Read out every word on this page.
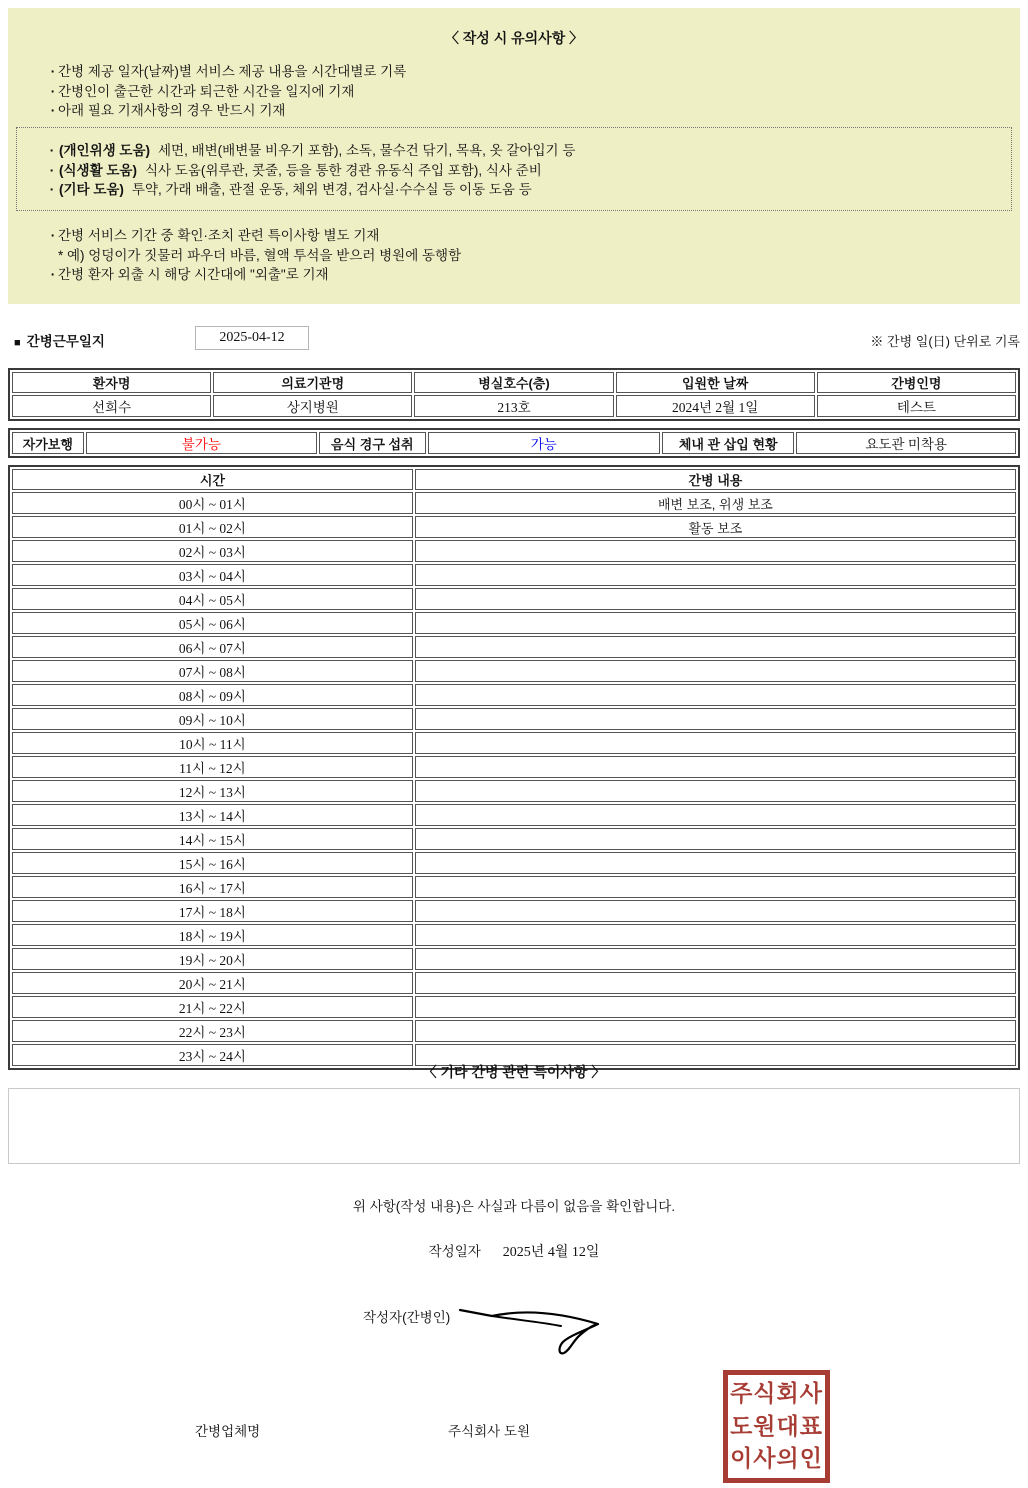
〈 작성 시 유의사항 〉
· 간병 제공 일자(날짜)별 서비스 제공 내용을 시간대별로 기록
· 간병인이 출근한 시간과 퇴근한 시간을 일지에 기재
· 아래 필요 기재사항의 경우 반드시 기재
· (개인위생 도움) 세면, 배변(배변물 비우기 포함), 소독, 물수건 닦기, 목욕, 옷 갈아입기 등
· (식생활 도움) 식사 도움(위루관, 콧줄, 등을 통한 경관 유동식 주입 포함), 식사 준비
· (기타 도움) 투약, 가래 배출, 관절 운동, 체위 변경, 검사실·수수실 등 이동 도움 등
· 간병 서비스 기간 중 확인·조치 관련 특이사항 별도 기재
* 예) 엉덩이가 짓물러 파우더 바름, 혈액 투석을 받으러 병원에 동행함
· 간병 환자 외출 시 해당 시간대에 "외출"로 기재
■ 간병근무일지	2025-04-12	※ 간병 일(日) 단위로 기록
환자명	의료기관명	병실호수(층)	입원한 날짜	간병인명
선희수	상지병원	213호	2024년 2월 1일	테스트
자가보행	불가능	음식 경구 섭취	가능	체내 관 삽입 현황	요도관 미착용
시간	간병 내용
00시 ~ 01시	배변 보조, 위생 보조
01시 ~ 02시	활동 보조
02시 ~ 03시	
03시 ~ 04시	
04시 ~ 05시	
05시 ~ 06시	
06시 ~ 07시	
07시 ~ 08시	
08시 ~ 09시	
09시 ~ 10시	
10시 ~ 11시	
11시 ~ 12시	
12시 ~ 13시	
13시 ~ 14시	
14시 ~ 15시	
15시 ~ 16시	
16시 ~ 17시	
17시 ~ 18시	
18시 ~ 19시	
19시 ~ 20시	
20시 ~ 21시	
21시 ~ 22시	
22시 ~ 23시	
23시 ~ 24시	
〈 기타 간병 관련 특이사항 〉
위 사항(작성 내용)은 사실과 다름이 없음을 확인합니다.
작성일자 2025년 4월 12일
작성자(간병인)
간병업체명	주식회사 도원
주식회사
도원대표
이사의인
